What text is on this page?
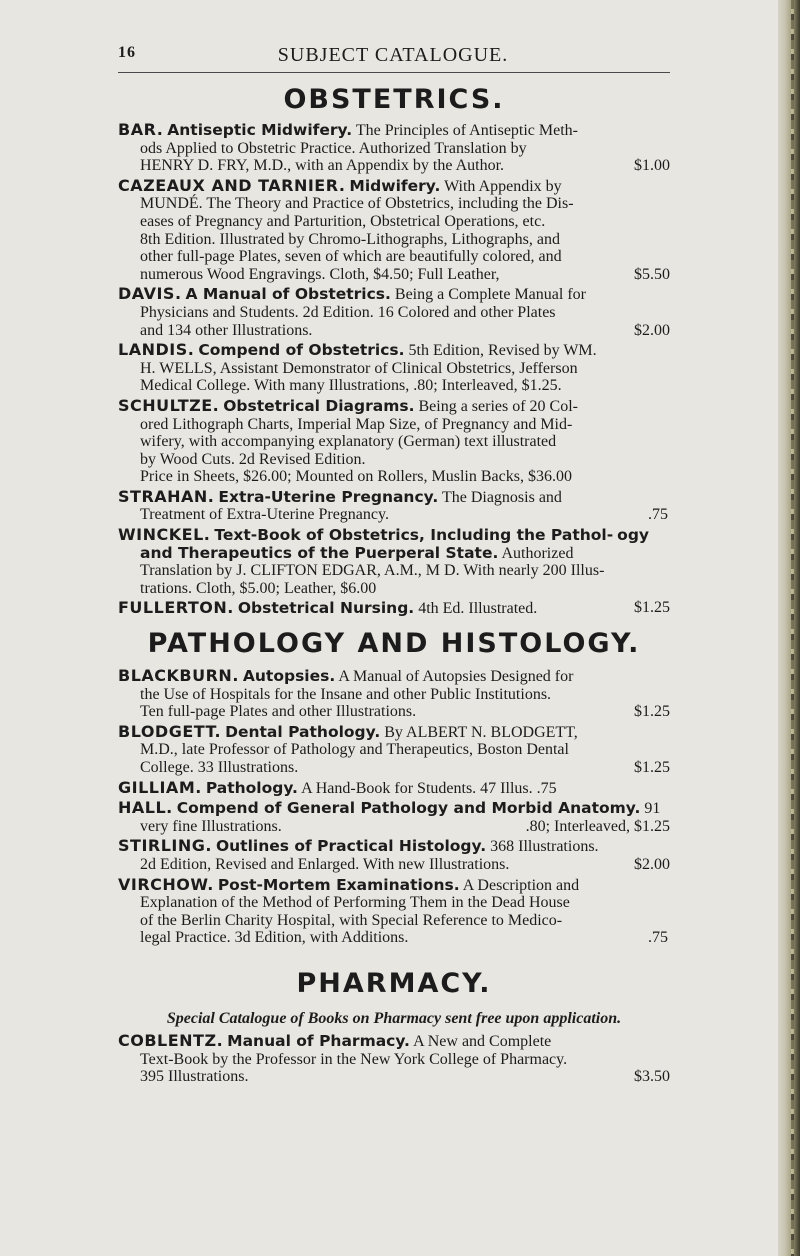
16	SUBJECT CATALOGUE.
OBSTETRICS.
BAR. Antiseptic Midwifery. The Principles of Antiseptic Meth-
ods Applied to Obstetric Practice. Authorized Translation by
HENRY D. FRY, M.D., with an Appendix by the Author.	$1.00
CAZEAUX AND TARNIER. Midwifery. With Appendix by
MUNDÉ. The Theory and Practice of Obstetrics, including the Dis-
eases of Pregnancy and Parturition, Obstetrical Operations, etc.
8th Edition. Illustrated by Chromo-Lithographs, Lithographs, and
other full-page Plates, seven of which are beautifully colored, and
numerous Wood Engravings. Cloth, $4.50; Full Leather,	$5.50
DAVIS. A Manual of Obstetrics. Being a Complete Manual for
Physicians and Students. 2d Edition. 16 Colored and other Plates
and 134 other Illustrations.	$2.00
LANDIS. Compend of Obstetrics. 5th Edition, Revised by WM.
H. WELLS, Assistant Demonstrator of Clinical Obstetrics, Jefferson
Medical College. With many Illustrations, .80; Interleaved, $1.25.
SCHULTZE. Obstetrical Diagrams. Being a series of 20 Col-
ored Lithograph Charts, Imperial Map Size, of Pregnancy and Mid-
wifery, with accompanying explanatory (German) text illustrated
by Wood Cuts. 2d Revised Edition.
Price in Sheets, $26.00; Mounted on Rollers, Muslin Backs, $36.00
STRAHAN. Extra-Uterine Pregnancy. The Diagnosis and
Treatment of Extra-Uterine Pregnancy.	.75
WINCKEL. Text-Book of Obstetrics, Including the Pathol- ogy and Therapeutics of the Puerperal State. Authorized
Translation by J. CLIFTON EDGAR, A.M., M D. With nearly 200 Illus-
trations. Cloth, $5.00; Leather, $6.00
FULLERTON. Obstetrical Nursing. 4th Ed. Illustrated.	$1.25
PATHOLOGY AND HISTOLOGY.
BLACKBURN. Autopsies. A Manual of Autopsies Designed for
the Use of Hospitals for the Insane and other Public Institutions.
Ten full-page Plates and other Illustrations.	$1.25
BLODGETT. Dental Pathology. By ALBERT N. BLODGETT,
M.D., late Professor of Pathology and Therapeutics, Boston Dental
College. 33 Illustrations.	$1.25
GILLIAM. Pathology. A Hand-Book for Students. 47 Illus. .75
HALL. Compend of General Pathology and Morbid Anatomy. 91 very fine Illustrations.	.80; Interleaved, $1.25
STIRLING. Outlines of Practical Histology. 368 Illustrations.
2d Edition, Revised and Enlarged. With new Illustrations.	$2.00
VIRCHOW. Post-Mortem Examinations. A Description and
Explanation of the Method of Performing Them in the Dead House
of the Berlin Charity Hospital, with Special Reference to Medico-
legal Practice. 3d Edition, with Additions.	.75
PHARMACY.
Special Catalogue of Books on Pharmacy sent free upon application.
COBLENTZ. Manual of Pharmacy. A New and Complete
Text-Book by the Professor in the New York College of Pharmacy.
395 Illustrations.	$3.50
